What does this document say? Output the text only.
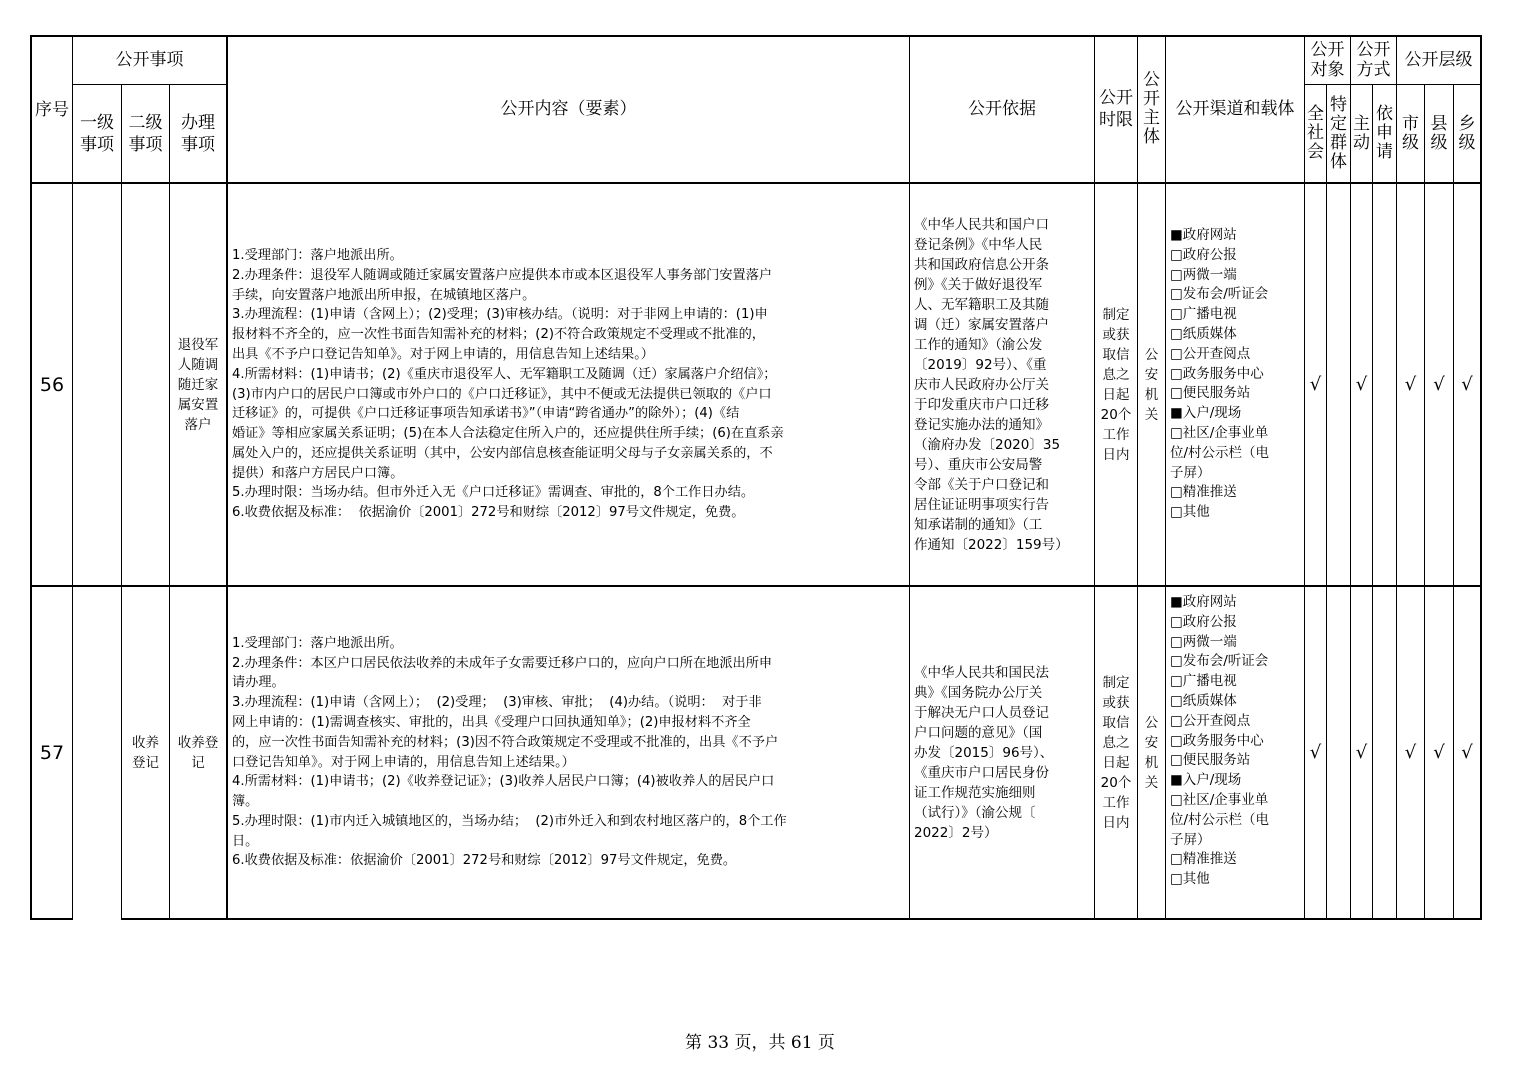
序号
公开事项
一级
事项
二级
事项
办理
事项
公开内容（要素）	公开依据
公开
时限
公
开
主
体
公开渠道和载体
公开
对象
全
社
会
特
定
群
体
公开
方式
主
动
依
申
请
公开层级
市
级
县
级
乡
级
56
退役军
人随调
随迁家
属安置
落户
1.受理部门：落户地派出所。
2.办理条件：退役军人随调或随迁家属安置落户应提供本市或本区退役军人事务部门安置落户
手续，向安置落户地派出所申报，在城镇地区落户。
3.办理流程：(1)申请（含网上）；(2)受理；(3)审核办结。（说明：对于非网上申请的：(1)申
报材料不齐全的，应一次性书面告知需补充的材料；(2)不符合政策规定不受理或不批准的，
出具《不予户口登记告知单》。对于网上申请的，用信息告知上述结果。）
4.所需材料：(1)申请书；(2)《重庆市退役军人、无军籍职工及随调（迁）家属落户介绍信》；
(3)市内户口的居民户口簿或市外户口的《户口迁移证》，其中不便或无法提供已领取的《户口
迁移证》的，可提供《户口迁移证事项告知承诺书》”（申请“跨省通办”的除外）；(4)《结
婚证》等相应家属关系证明；(5)在本人合法稳定住所入户的，还应提供住所手续；(6)在直系亲
属处入户的，还应提供关系证明（其中，公安内部信息核查能证明父母与子女亲属关系的，不
提供）和落户方居民户口簿。
5.办理时限：当场办结。但市外迁入无《户口迁移证》需调查、审批的，8个工作日办结。
6.收费依据及标准：  依据渝价〔2001〕272号和财综〔2012〕97号文件规定，免费。
《中华人民共和国户口
登记条例》《中华人民
共和国政府信息公开条
例》《关于做好退役军
人、无军籍职工及其随
调（迁）家属安置落户
工作的通知》（渝公发
〔2019〕92号）、《重
庆市人民政府办公厅关
于印发重庆市户口迁移
登记实施办法的通知》
（渝府办发〔2020〕35
号）、重庆市公安局警
令部《关于户口登记和
居住证证明事项实行告
知承诺制的通知》（工
作通知〔2022〕159号）
制定
或获
取信
息之
日起
20个
工作
日内
公
安
机
关
■政府网站
□政府公报
□两微一端
□发布会/听证会
□广播电视
□纸质媒体
□公开查阅点
□政务服务中心
□便民服务站
■入户/现场
□社区/企事业单
位/村公示栏（电
子屏）
□精准推送
□其他
√ √ √ √ √
57	收养
登记
收养登
记
1.受理部门：落户地派出所。
2.办理条件：本区户口居民依法收养的未成年子女需要迁移户口的，应向户口所在地派出所申
请办理。
3.办理流程：(1)申请（含网上）；  (2)受理；  (3)审核、审批；  (4)办结。（说明：  对于非
网上申请的：(1)需调查核实、审批的，出具《受理户口回执通知单》；(2)申报材料不齐全
的，应一次性书面告知需补充的材料；(3)因不符合政策规定不受理或不批准的，出具《不予户
口登记告知单》。对于网上申请的，用信息告知上述结果。）
4.所需材料：(1)申请书；(2)《收养登记证》；(3)收养人居民户口簿；(4)被收养人的居民户口
簿。
5.办理时限：(1)市内迁入城镇地区的，当场办结；  (2)市外迁入和到农村地区落户的，8个工作
日。
6.收费依据及标准：依据渝价〔2001〕272号和财综〔2012〕97号文件规定，免费。
《中华人民共和国民法
典》《国务院办公厅关
于解决无户口人员登记
户口问题的意见》（国
办发〔2015〕96号）、
《重庆市户口居民身份
证工作规范实施细则
（试行）》（渝公规〔
2022〕2号）
制定
或获
取信
息之
日起
20个
工作
日内
公
安
机
关
■政府网站
□政府公报
□两微一端
□发布会/听证会
□广播电视
□纸质媒体
□公开查阅点
□政务服务中心
□便民服务站
■入户/现场
□社区/企事业单
位/村公示栏（电
子屏）
□精准推送
□其他
√ √ √ √ √
第 33 页，共 61 页
